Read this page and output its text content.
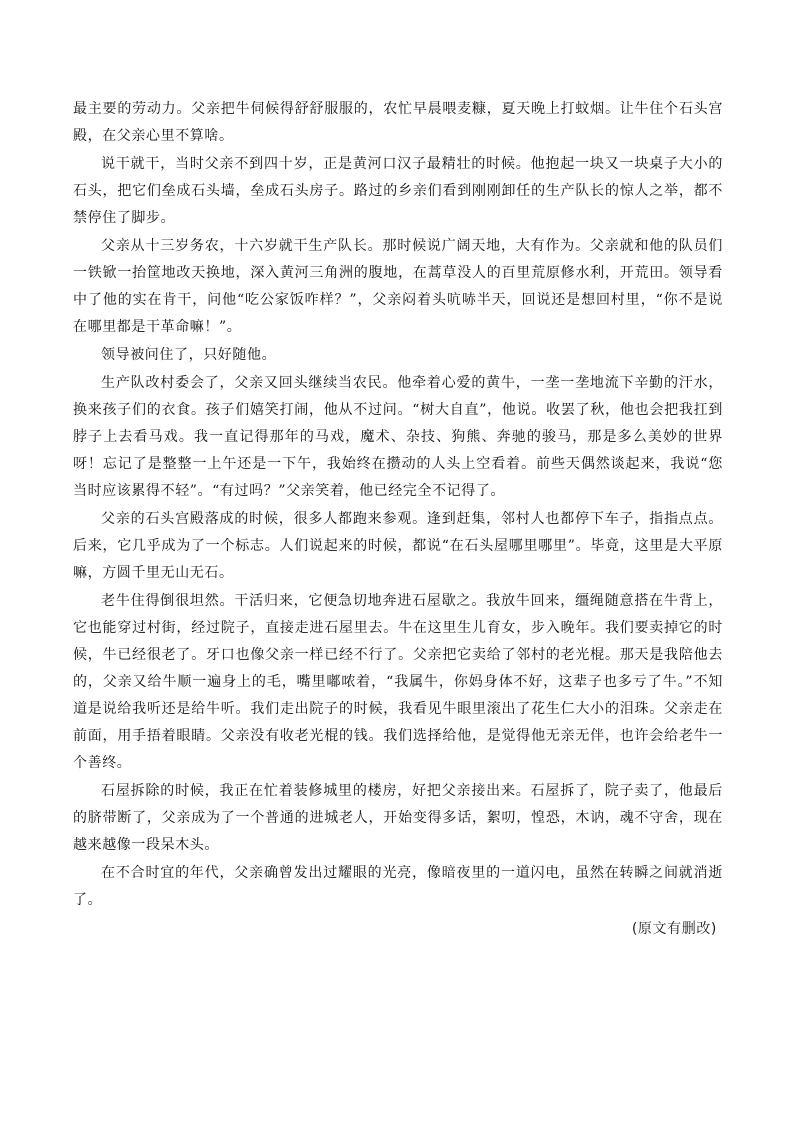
最主要的劳动力。父亲把牛伺候得舒舒服服的，农忙早晨喂麦糠，夏天晚上打蚊烟。让牛住个石头宫殿，在父亲心里不算啥。

说干就干，当时父亲不到四十岁，正是黄河口汉子最精壮的时候。他抱起一块又一块桌子大小的石头，把它们垒成石头墙，垒成石头房子。路过的乡亲们看到刚刚卸任的生产队长的惊人之举，都不禁停住了脚步。

父亲从十三岁务农，十六岁就干生产队长。那时候说广阔天地，大有作为。父亲就和他的队员们一铁锨一抬筐地改天换地，深入黄河三角洲的腹地，在蒿草没人的百里荒原修水利，开荒田。领导看中了他的实在肯干，问他“吃公家饭咋样？”，父亲闷着头吭哧半天，回说还是想回村里，“你不是说在哪里都是干革命嘛！”。

领导被问住了，只好随他。

生产队改村委会了，父亲又回头继续当农民。他牵着心爱的黄牛，一垄一垄地流下辛勤的汗水，换来孩子们的衣食。孩子们嬉笑打闹，他从不过问。“树大自直”，他说。收罢了秋，他也会把我扛到脖子上去看马戏。我一直记得那年的马戏，魔术、杂技、狗熊、奔驰的骏马，那是多么美妙的世界呀！忘记了是整整一上午还是一下午，我始终在攒动的人头上空看着。前些天偶然谈起来，我说“您当时应该累得不轻”。“有过吗？”父亲笑着，他已经完全不记得了。

父亲的石头宫殿落成的时候，很多人都跑来参观。逢到赶集，邻村人也都停下车子，指指点点。后来，它几乎成为了一个标志。人们说起来的时候，都说“在石头屋哪里哪里”。毕竟，这里是大平原嘛，方圆千里无山无石。

老牛住得倒很坦然。干活归来，它便急切地奔进石屋歇之。我放牛回来，缰绳随意搭在牛背上，它也能穿过村街，经过院子，直接走进石屋里去。牛在这里生儿育女，步入晚年。我们要卖掉它的时候，牛已经很老了。牙口也像父亲一样已经不行了。父亲把它卖给了邻村的老光棍。那天是我陪他去的，父亲又给牛顺一遍身上的毛，嘴里嘟哝着，“我属牛，你妈身体不好，这辈子也多亏了牛。”不知道是说给我听还是给牛听。我们走出院子的时候，我看见牛眼里滚出了花生仁大小的泪珠。父亲走在前面，用手捂着眼睛。父亲没有收老光棍的钱。我们选择给他，是觉得他无亲无伴，也许会给老牛一个善终。

石屋拆除的时候，我正在忙着装修城里的楼房，好把父亲接出来。石屋拆了，院子卖了，他最后的脐带断了，父亲成为了一个普通的进城老人，开始变得多话，絮叨，惶恐，木讷，魂不守舍，现在越来越像一段呆木头。

在不合时宜的年代，父亲确曾发出过耀眼的光亮，像暗夜里的一道闪电，虽然在转瞬之间就消逝了。

(原文有删改)
